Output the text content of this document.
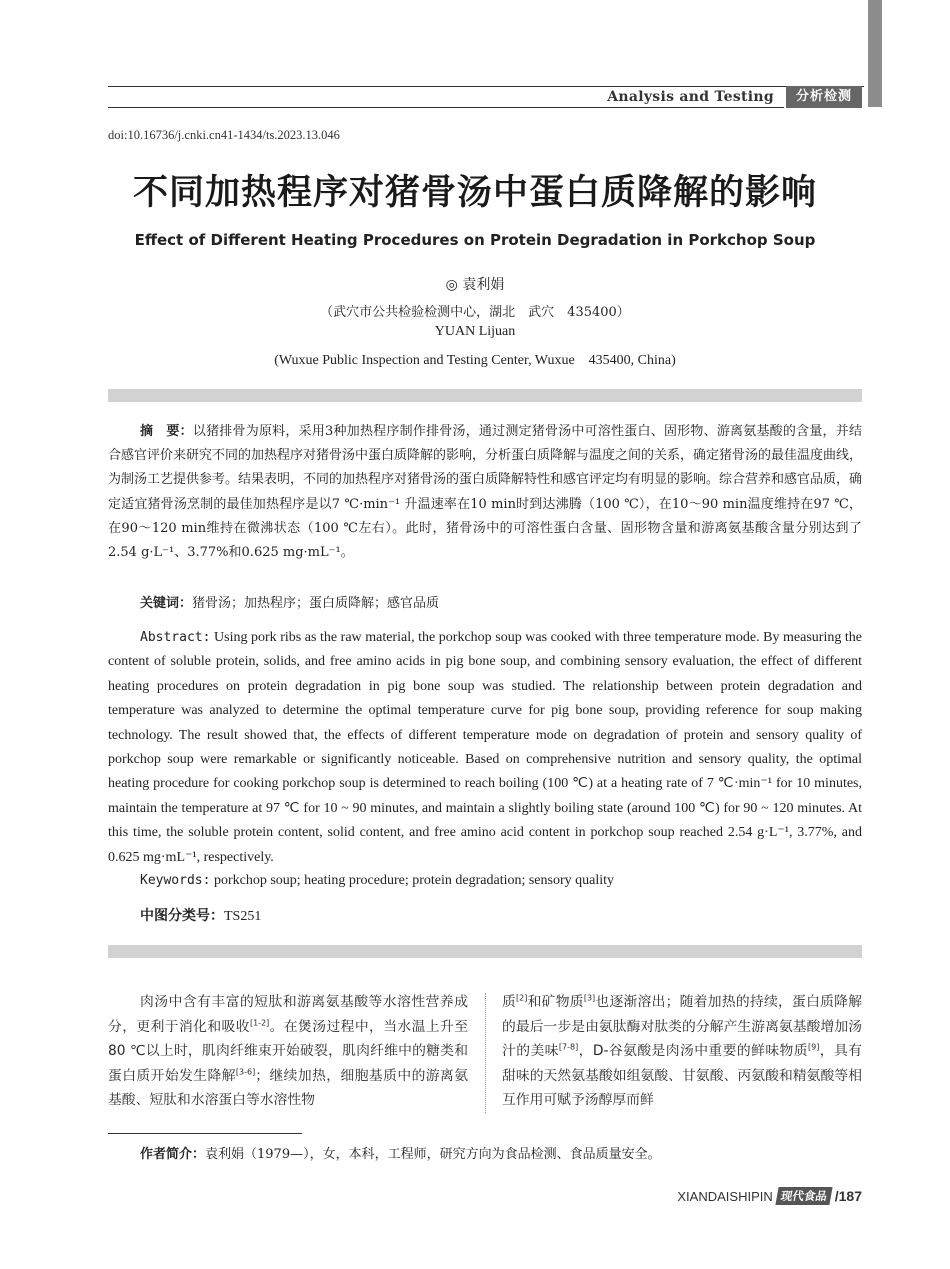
Analysis and Testing	分析检测
doi:10.16736/j.cnki.cn41-1434/ts.2023.13.046
不同加热程序对猪骨汤中蛋白质降解的影响
Effect of Different Heating Procedures on Protein Degradation in Porkchop Soup
◎ 袁利娟
（武穴市公共检验检测中心，湖北　武穴　435400）
YUAN Lijuan
(Wuxue Public Inspection and Testing Center, Wuxue　435400, China)

摘　要：以猪排骨为原料，采用3种加热程序制作排骨汤，通过测定猪骨汤中可溶性蛋白、固形物、游离氨基酸的含量，并结合感官评价来研究不同的加热程序对猪骨汤中蛋白质降解的影响，分析蛋白质降解与温度之间的关系，确定猪骨汤的最佳温度曲线，为制汤工艺提供参考。结果表明，不同的加热程序对猪骨汤的蛋白质降解特性和感官评定均有明显的影响。综合营养和感官品质，确定适宜猪骨汤烹制的最佳加热程序是以7 ℃·min⁻¹ 升温速率在10 min时到达沸腾（100 ℃），在10～90 min温度维持在97 ℃，在90～120 min维持在微沸状态（100 ℃左右）。此时，猪骨汤中的可溶性蛋白含量、固形物含量和游离氨基酸含量分别达到了2.54 g·L⁻¹、3.77%和0.625 mg·mL⁻¹。

关键词：猪骨汤；加热程序；蛋白质降解；感官品质

Abstract: Using pork ribs as the raw material, the porkchop soup was cooked with three temperature mode. By measuring the content of soluble protein, solids, and free amino acids in pig bone soup, and combining sensory evaluation, the effect of different heating procedures on protein degradation in pig bone soup was studied. The relationship between protein degradation and temperature was analyzed to determine the optimal temperature curve for pig bone soup, providing reference for soup making technology. The result showed that, the effects of different temperature mode on degradation of protein and sensory quality of porkchop soup were remarkable or significantly noticeable. Based on comprehensive nutrition and sensory quality, the optimal heating procedure for cooking porkchop soup is determined to reach boiling (100 ℃) at a heating rate of 7 ℃·min⁻¹ for 10 minutes, maintain the temperature at 97 ℃ for 10 ~ 90 minutes, and maintain a slightly boiling state (around 100 ℃) for 90 ~ 120 minutes. At this time, the soluble protein content, solid content, and free amino acid content in porkchop soup reached 2.54 g·L⁻¹, 3.77%, and 0.625 mg·mL⁻¹, respectively.

Keywords: porkchop soup; heating procedure; protein degradation; sensory quality

中图分类号：TS251

肉汤中含有丰富的短肽和游离氨基酸等水溶性营养成分，更利于消化和吸收[1-2]。在煲汤过程中，当水温上升至80 ℃以上时，肌肉纤维束开始破裂，肌肉纤维中的糖类和蛋白质开始发生降解[3-6]；继续加热，细胞基质中的游离氨基酸、短肽和水溶蛋白等水溶性物
质[2]和矿物质[3]也逐渐溶出；随着加热的持续，蛋白质降解的最后一步是由氨肽酶对肽类的分解产生游离氨基酸增加汤汁的美味[7-8]，D-谷氨酸是肉汤中重要的鲜味物质[9]，具有甜味的天然氨基酸如组氨酸、甘氨酸、丙氨酸和精氨酸等相互作用可赋予汤醇厚而鲜

作者简介：袁利娟（1979—），女，本科，工程师，研究方向为食品检测、食品质量安全。

XIANDAISHIPIN 现代食品 /187
